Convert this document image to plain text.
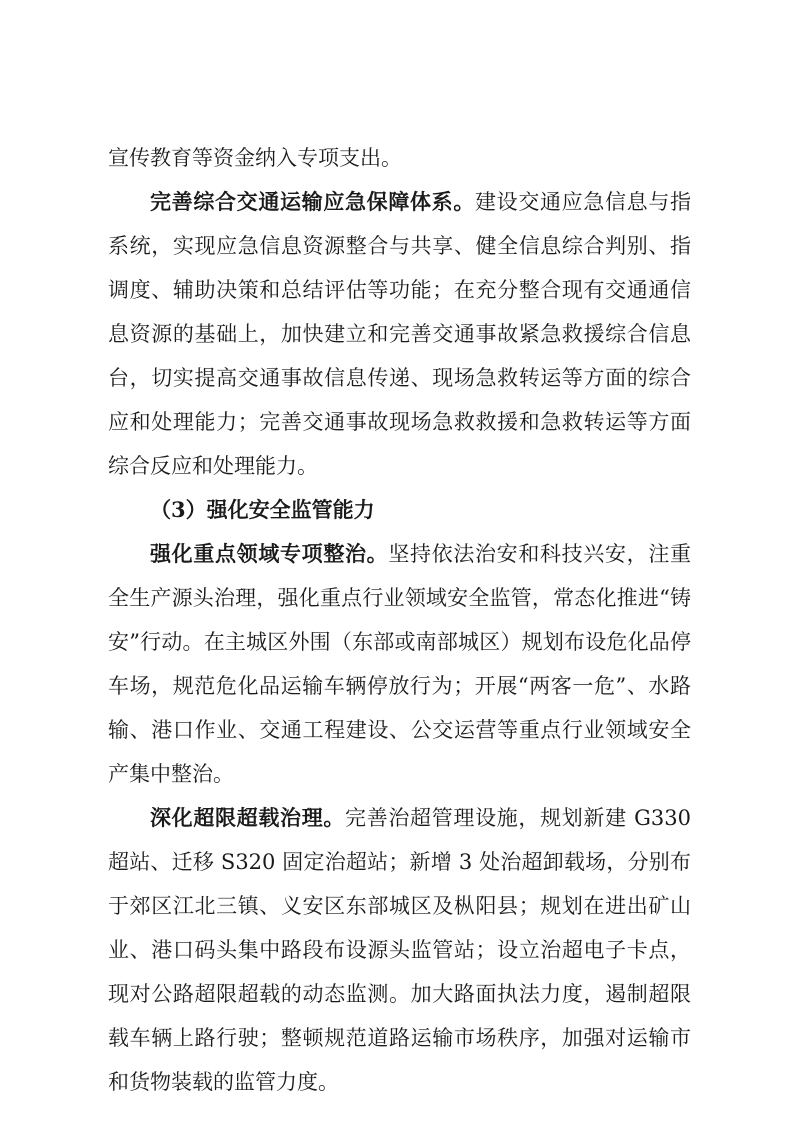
宣传教育等资金纳入专项支出。
完善综合交通运输应急保障体系。建设交通应急信息与指
系统，实现应急信息资源整合与共享、健全信息综合判别、指
调度、辅助决策和总结评估等功能；在充分整合现有交通通信
息资源的基础上，加快建立和完善交通事故紧急救援综合信息
台，切实提高交通事故信息传递、现场急救转运等方面的综合
应和处理能力；完善交通事故现场急救救援和急救转运等方面
综合反应和处理能力。
（3）强化安全监管能力
强化重点领域专项整治。坚持依法治安和科技兴安，注重
全生产源头治理，强化重点行业领域安全监管，常态化推进“铸
安”行动。在主城区外围（东部或南部城区）规划布设危化品停
车场，规范危化品运输车辆停放行为；开展“两客一危”、水路
输、港口作业、交通工程建设、公交运营等重点行业领域安全
产集中整治。
深化超限超载治理。完善治超管理设施，规划新建 G330
超站、迁移 S320 固定治超站；新增 3 处治超卸载场，分别布
于郊区江北三镇、义安区东部城区及枞阳县；规划在进出矿山
业、港口码头集中路段布设源头监管站；设立治超电子卡点，
现对公路超限超载的动态监测。加大路面执法力度，遏制超限
载车辆上路行驶；整顿规范道路运输市场秩序，加强对运输市
和货物装载的监管力度。
